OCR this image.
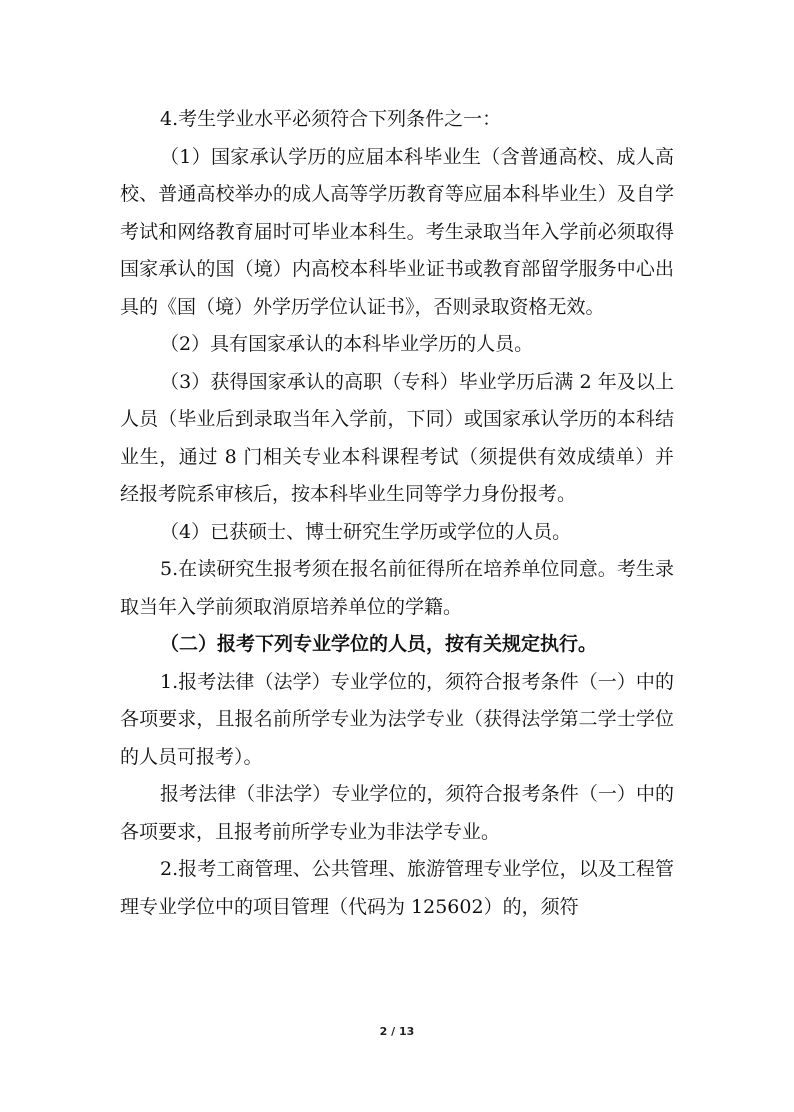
4.考生学业水平必须符合下列条件之一：

（1）国家承认学历的应届本科毕业生（含普通高校、成人高校、普通高校举办的成人高等学历教育等应届本科毕业生）及自学考试和网络教育届时可毕业本科生。考生录取当年入学前必须取得国家承认的国（境）内高校本科毕业证书或教育部留学服务中心出具的《国（境）外学历学位认证书》，否则录取资格无效。

（2）具有国家承认的本科毕业学历的人员。

（3）获得国家承认的高职（专科）毕业学历后满 2 年及以上人员（毕业后到录取当年入学前，下同）或国家承认学历的本科结业生，通过 8 门相关专业本科课程考试（须提供有效成绩单）并经报考院系审核后，按本科毕业生同等学力身份报考。

（4）已获硕士、博士研究生学历或学位的人员。

5.在读研究生报考须在报名前征得所在培养单位同意。考生录取当年入学前须取消原培养单位的学籍。

（二）报考下列专业学位的人员，按有关规定执行。

1.报考法律（法学）专业学位的，须符合报考条件（一）中的各项要求，且报名前所学专业为法学专业（获得法学第二学士学位的人员可报考）。

报考法律（非法学）专业学位的，须符合报考条件（一）中的各项要求，且报考前所学专业为非法学专业。

2.报考工商管理、公共管理、旅游管理专业学位，以及工程管理专业学位中的项目管理（代码为 125602）的，须符

2 / 13
